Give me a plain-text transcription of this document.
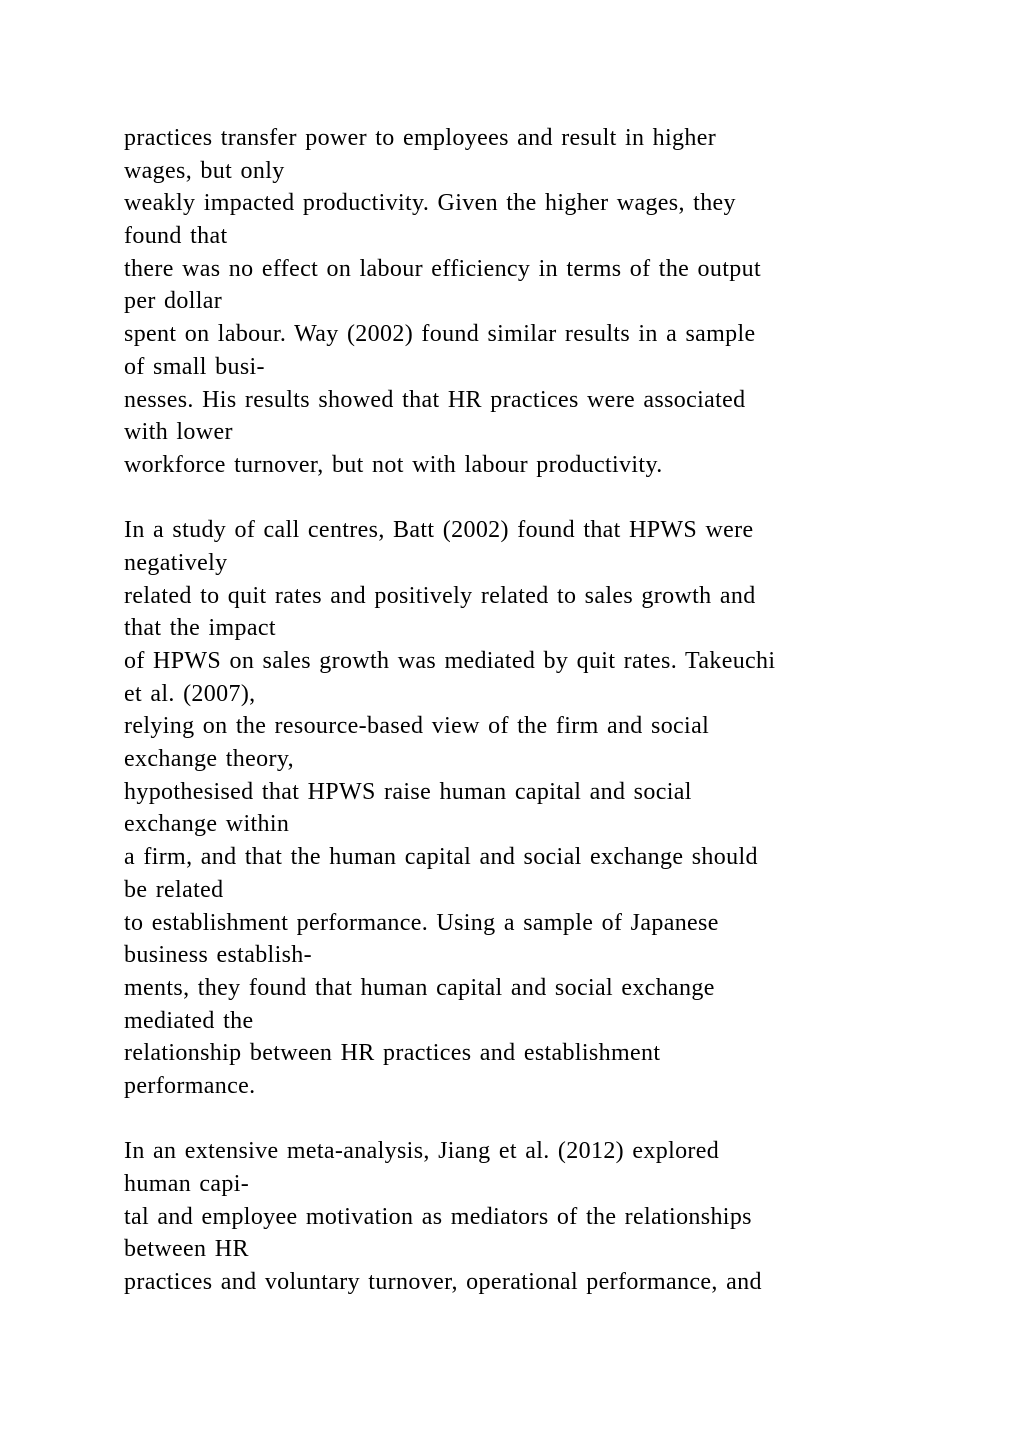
practices transfer power to employees and result in higher
wages, but only
weakly impacted productivity. Given the higher wages, they
found that
there was no effect on labour efficiency in terms of the output
per dollar
spent on labour. Way (2002) found similar results in a sample
of small busi-
nesses. His results showed that HR practices were associated
with lower
workforce turnover, but not with labour productivity.
In a study of call centres, Batt (2002) found that HPWS were
negatively
related to quit rates and positively related to sales growth and
that the impact
of HPWS on sales growth was mediated by quit rates. Takeuchi
et al. (2007),
relying on the resource-based view of the firm and social
exchange theory,
hypothesised that HPWS raise human capital and social
exchange within
a firm, and that the human capital and social exchange should
be related
to establishment performance. Using a sample of Japanese
business establish-
ments, they found that human capital and social exchange
mediated the
relationship between HR practices and establishment
performance.
In an extensive meta-analysis, Jiang et al. (2012) explored
human capi-
tal and employee motivation as mediators of the relationships
between HR
practices and voluntary turnover, operational performance, and
